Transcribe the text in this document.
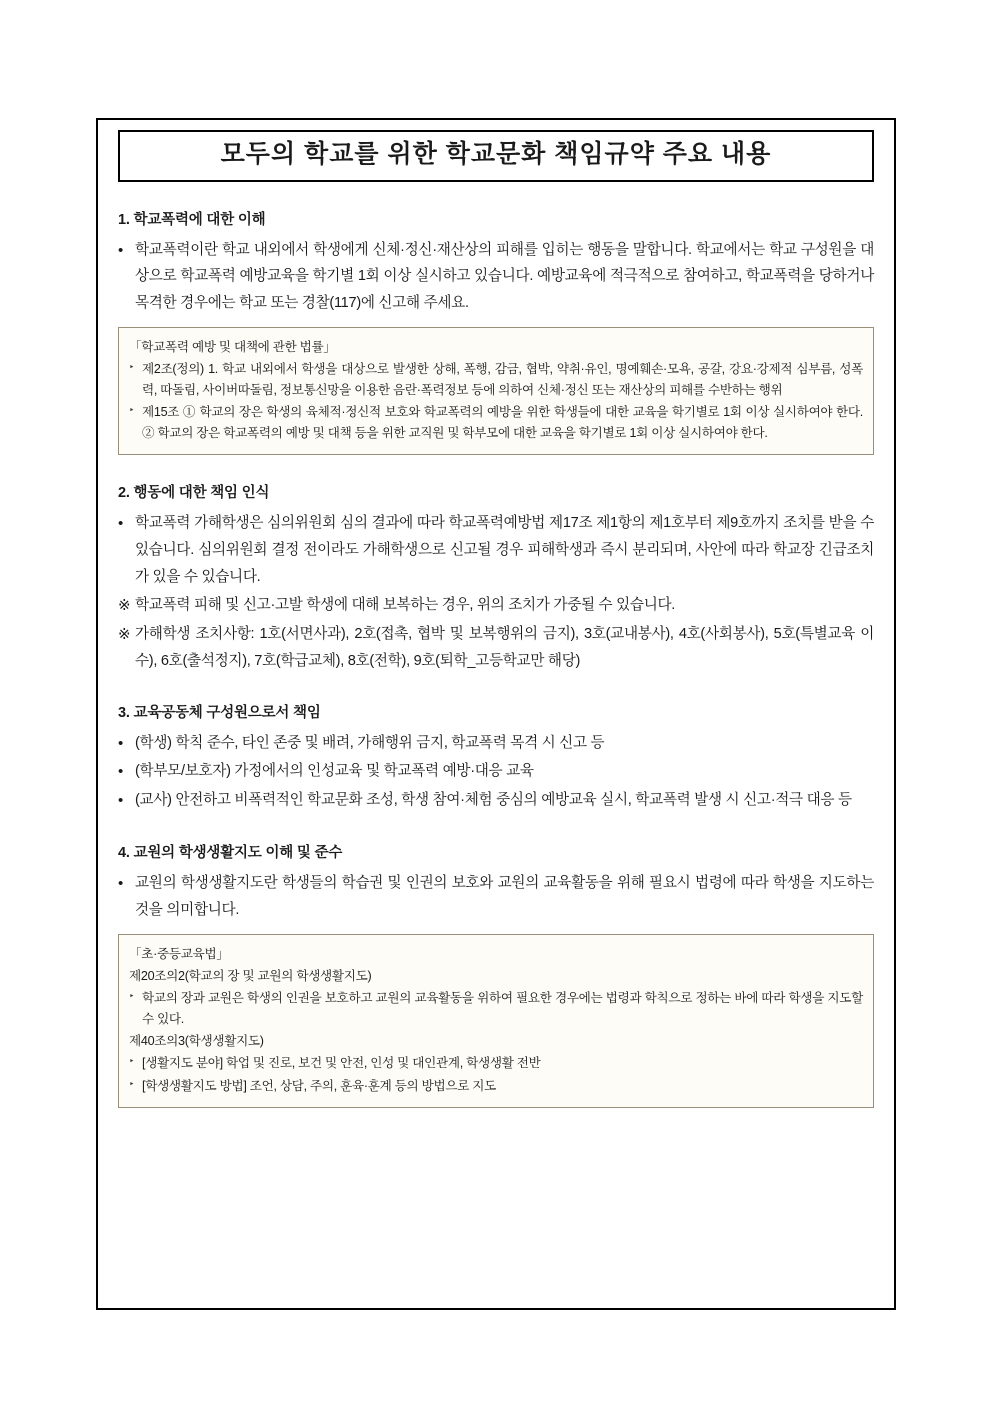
모두의 학교를 위한 학교문화 책임규약 주요 내용
1. 학교폭력에 대한 이해
• 학교폭력이란 학교 내외에서 학생에게 신체·정신·재산상의 피해를 입히는 행동을 말합니다. 학교에서는 학교 구성원을 대상으로 학교폭력 예방교육을 학기별 1회 이상 실시하고 있습니다. 예방교육에 적극적으로 참여하고, 학교폭력을 당하거나 목격한 경우에는 학교 또는 경찰(117)에 신고해 주세요.
「학교폭력 예방 및 대책에 관한 법률」
‣ 제2조(정의) 1. 학교 내외에서 학생을 대상으로 발생한 상해, 폭행, 감금, 협박, 약취·유인, 명예훼손·모욕, 공갈, 강요·강제적 심부름, 성폭력, 따돌림, 사이버따돌림, 정보통신망을 이용한 음란·폭력정보 등에 의하여 신체·정신 또는 재산상의 피해를 수반하는 행위
‣ 제15조 ① 학교의 장은 학생의 육체적·정신적 보호와 학교폭력의 예방을 위한 학생들에 대한 교육을 학기별로 1회 이상 실시하여야 한다. ② 학교의 장은 학교폭력의 예방 및 대책 등을 위한 교직원 및 학부모에 대한 교육을 학기별로 1회 이상 실시하여야 한다.
2. 행동에 대한 책임 인식
• 학교폭력 가해학생은 심의위원회 심의 결과에 따라 학교폭력예방법 제17조 제1항의 제1호부터 제9호까지 조치를 받을 수 있습니다. 심의위원회 결정 전이라도 가해학생으로 신고될 경우 피해학생과 즉시 분리되며, 사안에 따라 학교장 긴급조치가 있을 수 있습니다.
※ 학교폭력 피해 및 신고·고발 학생에 대해 보복하는 경우, 위의 조치가 가중될 수 있습니다.
※ 가해학생 조치사항: 1호(서면사과), 2호(접촉, 협박 및 보복행위의 금지), 3호(교내봉사), 4호(사회봉사), 5호(특별교육 이수), 6호(출석정지), 7호(학급교체), 8호(전학), 9호(퇴학_고등학교만 해당)
3. 교육공동체 구성원으로서 책임
• (학생) 학칙 준수, 타인 존중 및 배려, 가해행위 금지, 학교폭력 목격 시 신고 등
• (학부모/보호자) 가정에서의 인성교육 및 학교폭력 예방·대응 교육
• (교사) 안전하고 비폭력적인 학교문화 조성, 학생 참여·체험 중심의 예방교육 실시, 학교폭력 발생 시 신고·적극 대응 등
4. 교원의 학생생활지도 이해 및 준수
• 교원의 학생생활지도란 학생들의 학습권 및 인권의 보호와 교원의 교육활동을 위해 필요시 법령에 따라 학생을 지도하는 것을 의미합니다.
「초·중등교육법」
제20조의2(학교의 장 및 교원의 학생생활지도)
‣ 학교의 장과 교원은 학생의 인권을 보호하고 교원의 교육활동을 위하여 필요한 경우에는 법령과 학칙으로 정하는 바에 따라 학생을 지도할 수 있다.
제40조의3(학생생활지도)
‣ [생활지도 분야] 학업 및 진로, 보건 및 안전, 인성 및 대인관계, 학생생활 전반
‣ [학생생활지도 방법] 조언, 상담, 주의, 훈육·훈계 등의 방법으로 지도
